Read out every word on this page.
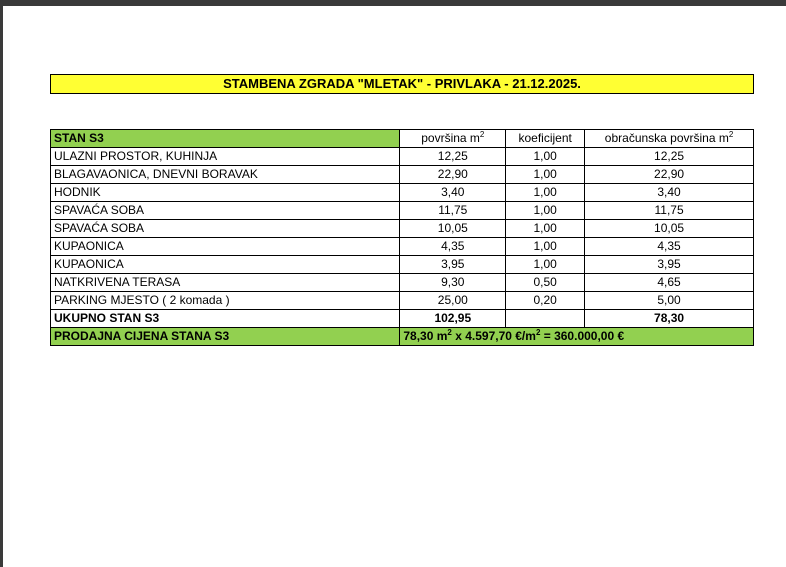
STAMBENA ZGRADA "MLETAK" - PRIVLAKA - 21.12.2025.
STAN S3	površina $m^2$	koeficijent	obračunska površina $m^2$
ULAZNI PROSTOR, KUHINJA	12,25	1,00	12,25
BLAGAVAONICA, DNEVNI BORAVAK	22,90	1,00	22,90
HODNIK	3,40	1,00	3,40
SPAVAĆA SOBA	11,75	1,00	11,75
SPAVAĆA SOBA	10,05	1,00	10,05
KUPAONICA	4,35	1,00	4,35
KUPAONICA	3,95	1,00	3,95
NATKRIVENA TERASA	9,30	0,50	4,65
PARKING MJESTO ( 2 komada )	25,00	0,20	5,00
UKUPNO STAN S3	102,95		78,30
PRODAJNA CIJENA STANA S3	78,30 $m^2$ x 4.597,70 $€/m^2 = 360.000,00$ €		
